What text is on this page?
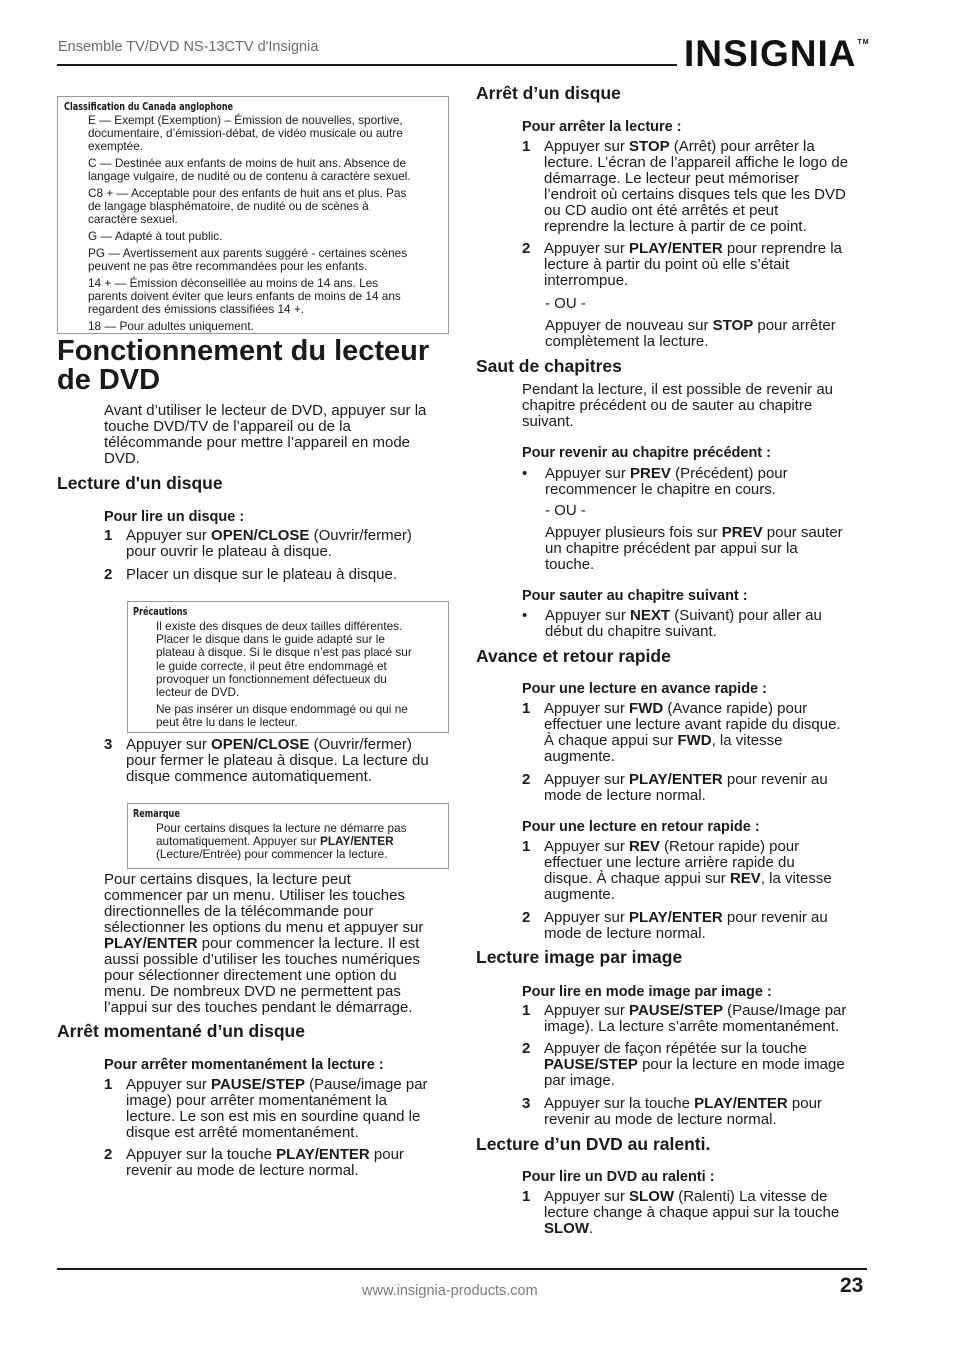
Ensemble TV/DVD NS-13CTV d'Insignia	INSIGNIA™
Classification du Canada anglophone
E — Exempt (Exemption) – Émission de nouvelles, sportive,
documentaire, d’émission-débat, de vidéo musicale ou autre
exemptée.
C — Destinée aux enfants de moins de huit ans. Absence de
langage vulgaire, de nudité ou de contenu à caractère sexuel.
C8 + — Acceptable pour des enfants de huit ans et plus. Pas
de langage blasphématoire, de nudité ou de scènes à
caractère sexuel.
G — Adapté à tout public.
PG — Avertissement aux parents suggéré - certaines scènes
peuvent ne pas être recommandées pour les enfants.
14 + — Émission déconseillée au moins de 14 ans. Les
parents doivent éviter que leurs enfants de moins de 14 ans
regardent des émissions classifiées 14 +.
18 — Pour adultes uniquement.
Fonctionnement du lecteur
de DVD
Avant d’utiliser le lecteur de DVD, appuyer sur la
touche DVD/TV de l’appareil ou de la
télécommande pour mettre l’appareil en mode
DVD.
Lecture d'un disque
Pour lire un disque :
1 Appuyer sur OPEN/CLOSE (Ouvrir/fermer)
pour ouvrir le plateau à disque.
2 Placer un disque sur le plateau à disque.
Précautions
Il existe des disques de deux tailles différentes.
Placer le disque dans le guide adapté sur le
plateau à disque. Si le disque n’est pas placé sur
le guide correcte, il peut être endommagé et
provoquer un fonctionnement défectueux du
lecteur de DVD.
Ne pas insérer un disque endommagé ou qui ne
peut être lu dans le lecteur.
3 Appuyer sur OPEN/CLOSE (Ouvrir/fermer)
pour fermer le plateau à disque. La lecture du
disque commence automatiquement.
Remarque
Pour certains disques la lecture ne démarre pas
automatiquement. Appuyer sur PLAY/ENTER
(Lecture/Entrée) pour commencer la lecture.
Pour certains disques, la lecture peut
commencer par un menu. Utiliser les touches
directionnelles de la télécommande pour
sélectionner les options du menu et appuyer sur
PLAY/ENTER pour commencer la lecture. Il est
aussi possible d’utiliser les touches numériques
pour sélectionner directement une option du
menu. De nombreux DVD ne permettent pas
l’appui sur des touches pendant le démarrage.
Arrêt momentané d’un disque
Pour arrêter momentanément la lecture :
1 Appuyer sur PAUSE/STEP (Pause/image par
image) pour arrêter momentanément la
lecture. Le son est mis en sourdine quand le
disque est arrêté momentanément.
2 Appuyer sur la touche PLAY/ENTER pour
revenir au mode de lecture normal.
Arrêt d’un disque
Pour arrêter la lecture :
1 Appuyer sur STOP (Arrêt) pour arrêter la
lecture. L’écran de l’appareil affiche le logo de
démarrage. Le lecteur peut mémoriser
l’endroit où certains disques tels que les DVD
ou CD audio ont été arrêtés et peut
reprendre la lecture à partir de ce point.
2 Appuyer sur PLAY/ENTER pour reprendre la
lecture à partir du point où elle s’était
interrompue.
- OU -
Appuyer de nouveau sur STOP pour arrêter
complètement la lecture.
Saut de chapitres
Pendant la lecture, il est possible de revenir au
chapitre précédent ou de sauter au chapitre
suivant.
Pour revenir au chapitre précédent :
• Appuyer sur PREV (Précédent) pour
recommencer le chapitre en cours.
- OU -
Appuyer plusieurs fois sur PREV pour sauter
un chapitre précédent par appui sur la
touche.
Pour sauter au chapitre suivant :
• Appuyer sur NEXT (Suivant) pour aller au
début du chapitre suivant.
Avance et retour rapide
Pour une lecture en avance rapide :
1 Appuyer sur FWD (Avance rapide) pour
effectuer une lecture avant rapide du disque.
À chaque appui sur FWD, la vitesse
augmente.
2 Appuyer sur PLAY/ENTER pour revenir au
mode de lecture normal.
Pour une lecture en retour rapide :
1 Appuyer sur REV (Retour rapide) pour
effectuer une lecture arrière rapide du
disque. À chaque appui sur REV, la vitesse
augmente.
2 Appuyer sur PLAY/ENTER pour revenir au
mode de lecture normal.
Lecture image par image
Pour lire en mode image par image :
1 Appuyer sur PAUSE/STEP (Pause/Image par
image). La lecture s’arrête momentanément.
2 Appuyer de façon répétée sur la touche
PAUSE/STEP pour la lecture en mode image
par image.
3 Appuyer sur la touche PLAY/ENTER pour
revenir au mode de lecture normal.
Lecture d’un DVD au ralenti.
Pour lire un DVD au ralenti :
1 Appuyer sur SLOW (Ralenti) La vitesse de
lecture change à chaque appui sur la touche
SLOW.
www.insignia-products.com	23
